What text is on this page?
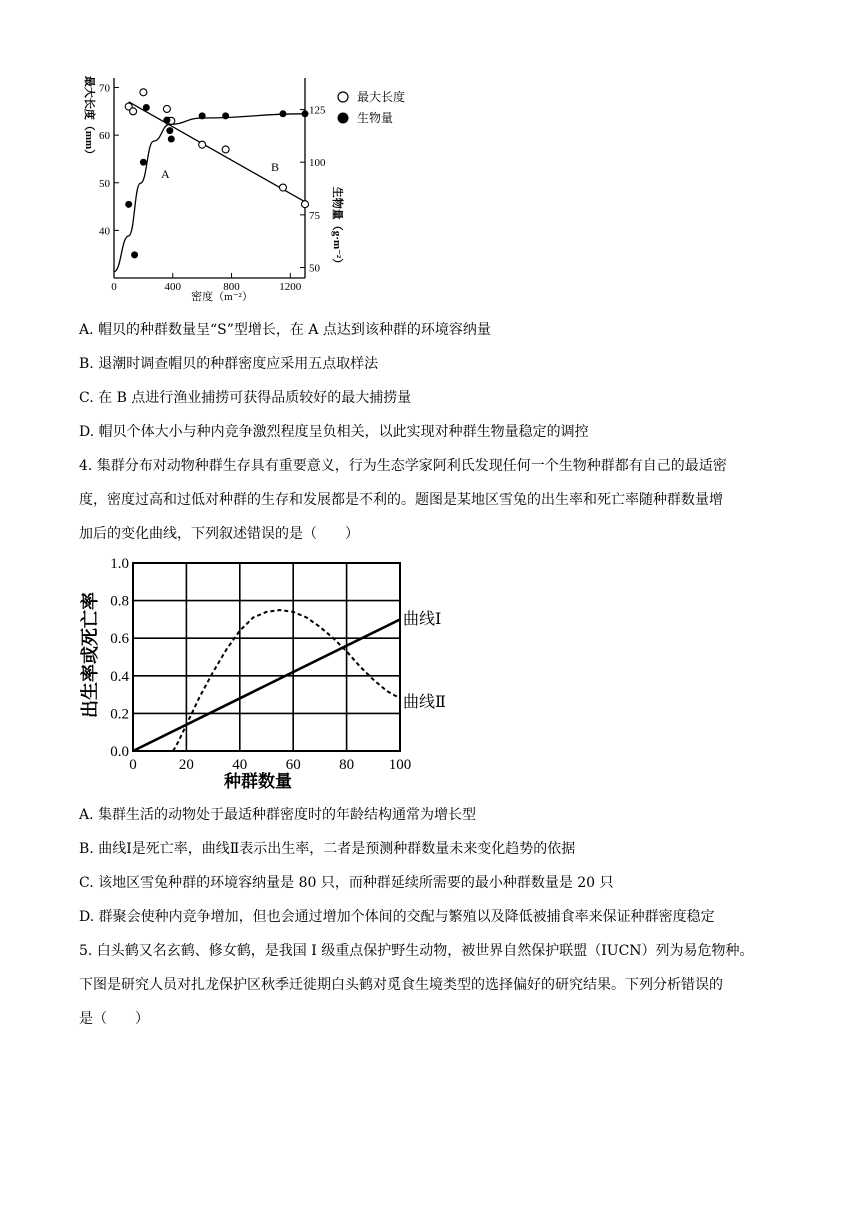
70
60
50
40
125
100
75
50
0	400	800	1200
最大长度（mm）
生物量（g·m⁻²）
密度（m⁻²）
A	B
最大长度
生物量
A. 帽贝的种群数量呈“S”型增长，在 A 点达到该种群的环境容纳量
B. 退潮时调查帽贝的种群密度应采用五点取样法
C. 在 B 点进行渔业捕捞可获得品质较好的最大捕捞量
D. 帽贝个体大小与种内竞争激烈程度呈负相关，以此实现对种群生物量稳定的调控
4. 集群分布对动物种群生存具有重要意义，行为生态学家阿利氏发现任何一个生物种群都有自己的最适密
度，密度过高和过低对种群的生存和发展都是不利的。题图是某地区雪兔的出生率和死亡率随种群数量增
加后的变化曲线，下列叙述错误的是（　　）
0.0
0.2
0.4
0.6
0.8
1.0
0	20	40	60	80 100
出生率或死亡率
种群数量
曲线Ⅰ
曲线Ⅱ
A. 集群生活的动物处于最适种群密度时的年龄结构通常为增长型
B. 曲线Ⅰ是死亡率，曲线Ⅱ表示出生率，二者是预测种群数量未来变化趋势的依据
C. 该地区雪兔种群的环境容纳量是 80 只，而种群延续所需要的最小种群数量是 20 只
D. 群聚会使种内竞争增加，但也会通过增加个体间的交配与繁殖以及降低被捕食率来保证种群密度稳定
5. 白头鹤又名玄鹤、修女鹤，是我国 I 级重点保护野生动物，被世界自然保护联盟（IUCN）列为易危物种。
下图是研究人员对扎龙保护区秋季迁徙期白头鹤对觅食生境类型的选择偏好的研究结果。下列分析错误的
是（　　）
